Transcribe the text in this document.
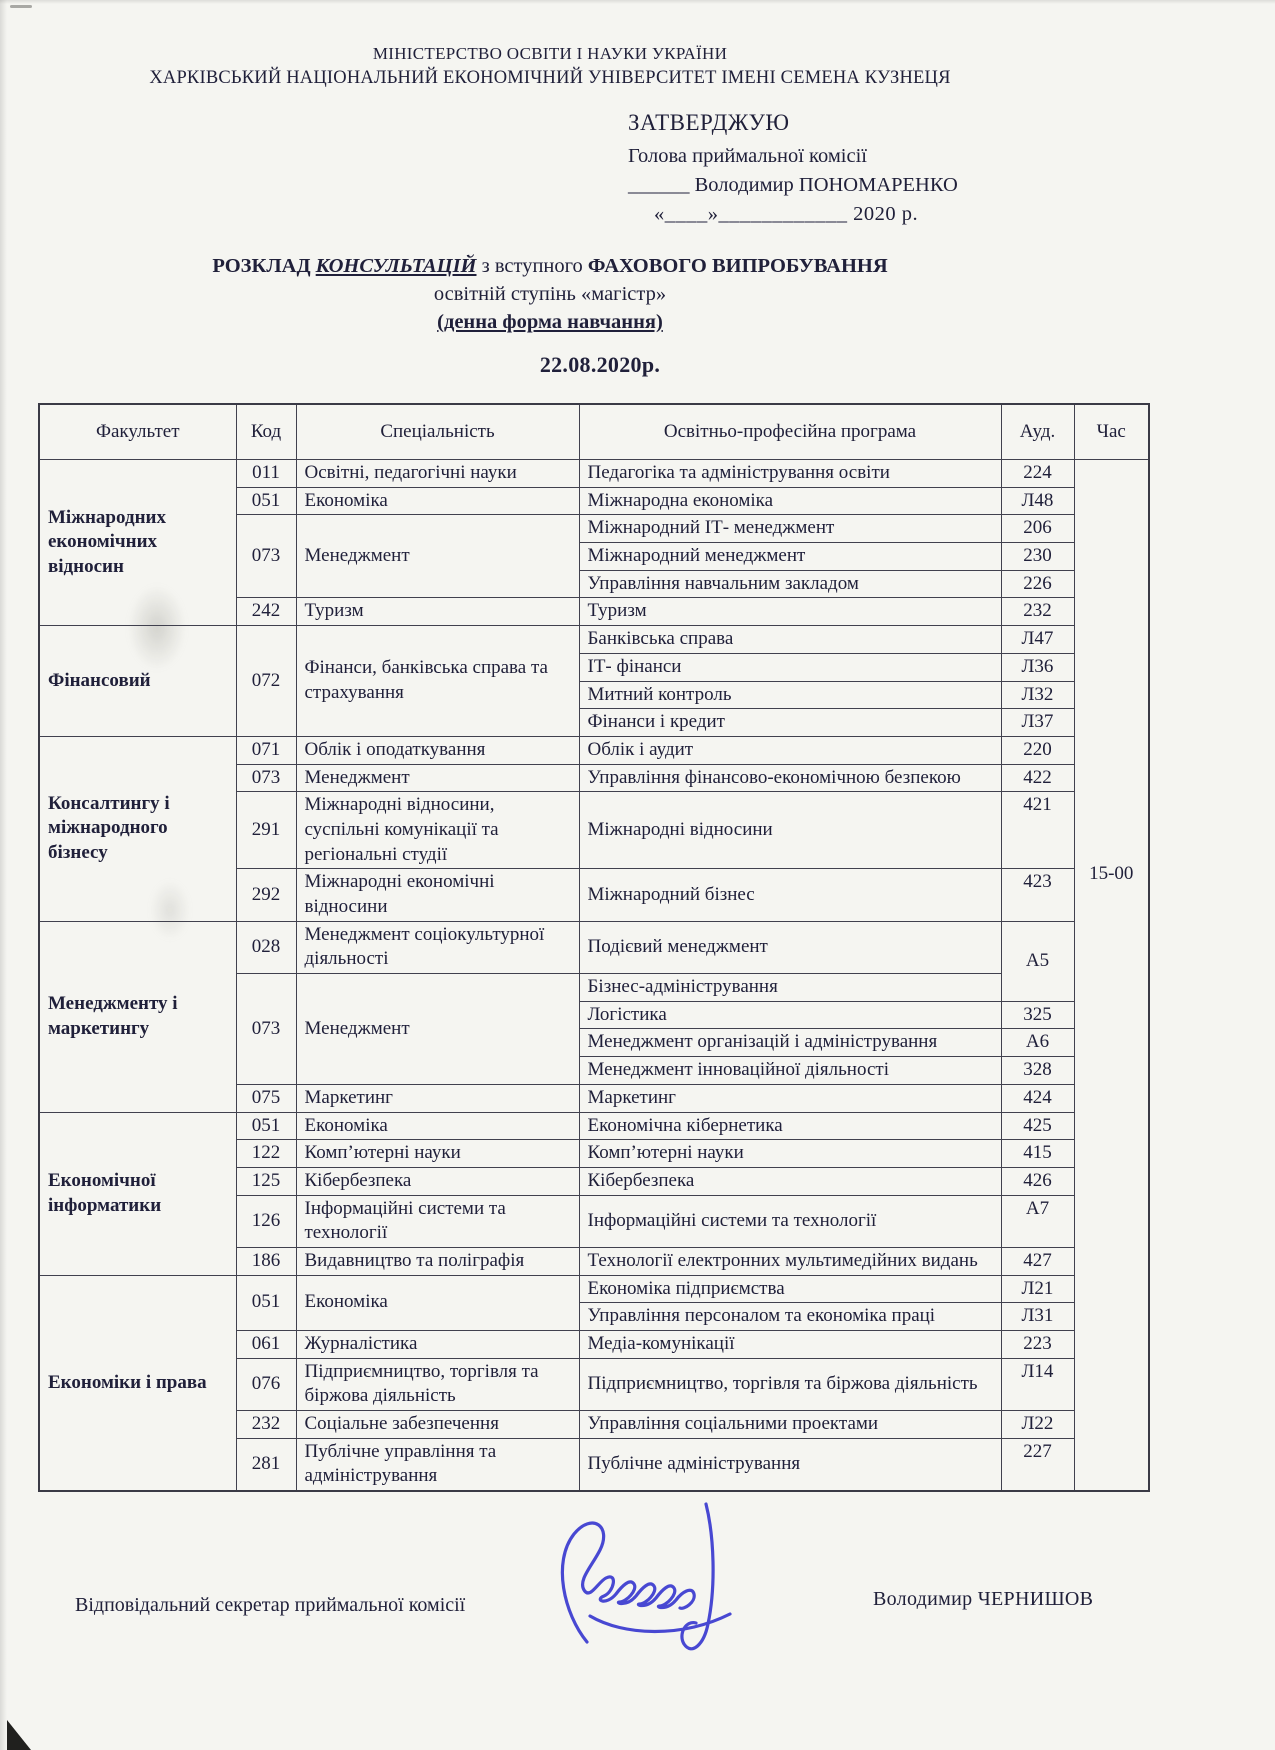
МІНІСТЕРСТВО ОСВІТИ І НАУКИ УКРАЇНИ
ХАРКІВСЬКИЙ НАЦІОНАЛЬНИЙ ЕКОНОМІЧНИЙ УНІВЕРСИТЕТ ІМЕНІ СЕМЕНА КУЗНЕЦЯ
ЗАТВЕРДЖУЮ
Голова приймальної комісії
______ Володимир ПОНОМАРЕНКО
«____»____________ 2020 р.
РОЗКЛАД КОНСУЛЬТАЦІЙ з вступного ФАХОВОГО ВИПРОБУВАННЯ
освітній ступінь «магістр»
(денна форма навчання)
22.08.2020р.
Факультет	Код	Спеціальність	Освітньо-професійна програма	Ауд.	Час
Міжнародних економічних відносин	011	Освітні, педагогічні науки	Педагогіка та адміністрування освіти	224	15-00

	051	Економіка	Міжнародна економіка	Л48	
	073	Менеджмент	Міжнародний ІТ- менеджмент	206	
			Міжнародний менеджмент	230	
			Управління навчальним закладом	226	
	242	Туризм	Туризм	232	
Фінансовий	072	Фінанси, банківська справа та страхування	Банківська справа	Л47	
			ІТ- фінанси	Л36	
			Митний контроль	Л32	
			Фінанси і кредит	Л37	
Консалтингу і міжнародного бізнесу	071	Облік і оподаткування	Облік і аудит	220	
	073	Менеджмент	Управління фінансово-економічною безпекою	422	
	291	Міжнародні відносини, суспільні комунікації та регіональні студії	Міжнародні відносини	421	
	292	Міжнародні економічні відносини	Міжнародний бізнес	423	
Менеджменту і маркетингу	028	Менеджмент соціокультурної діяльності	Подієвий менеджмент	А5	
	073	Менеджмент	Бізнес-адміністрування		
			Логістика	325	
			Менеджмент організацій і адміністрування	А6	
			Менеджмент інноваційної діяльності	328	
	075	Маркетинг	Маркетинг	424	
Економічної інформатики	051	Економіка	Економічна кібернетика	425	
	122	Комп’ютерні науки	Комп’ютерні науки	415	
	125	Кібербезпека	Кібербезпека	426	
	126	Інформаційні системи та технології	Інформаційні системи та технології	А7	
	186	Видавництво та поліграфія	Технології електронних мультимедійних видань	427	
Економіки і права	051	Економіка	Економіка підприємства	Л21	
			Управління персоналом та економіка праці	Л31	
	061	Журналістика	Медіа-комунікації	223	
	076	Підприємництво, торгівля та біржова діяльність	Підприємництво, торгівля та біржова діяльність	Л14	
	232	Соціальне забезпечення	Управління соціальними проектами	Л22	
	281	Публічне управління та адміністрування	Публічне адміністрування	227	
Відповідальний секретар приймальної комісії	Володимир ЧЕРНИШОВ
